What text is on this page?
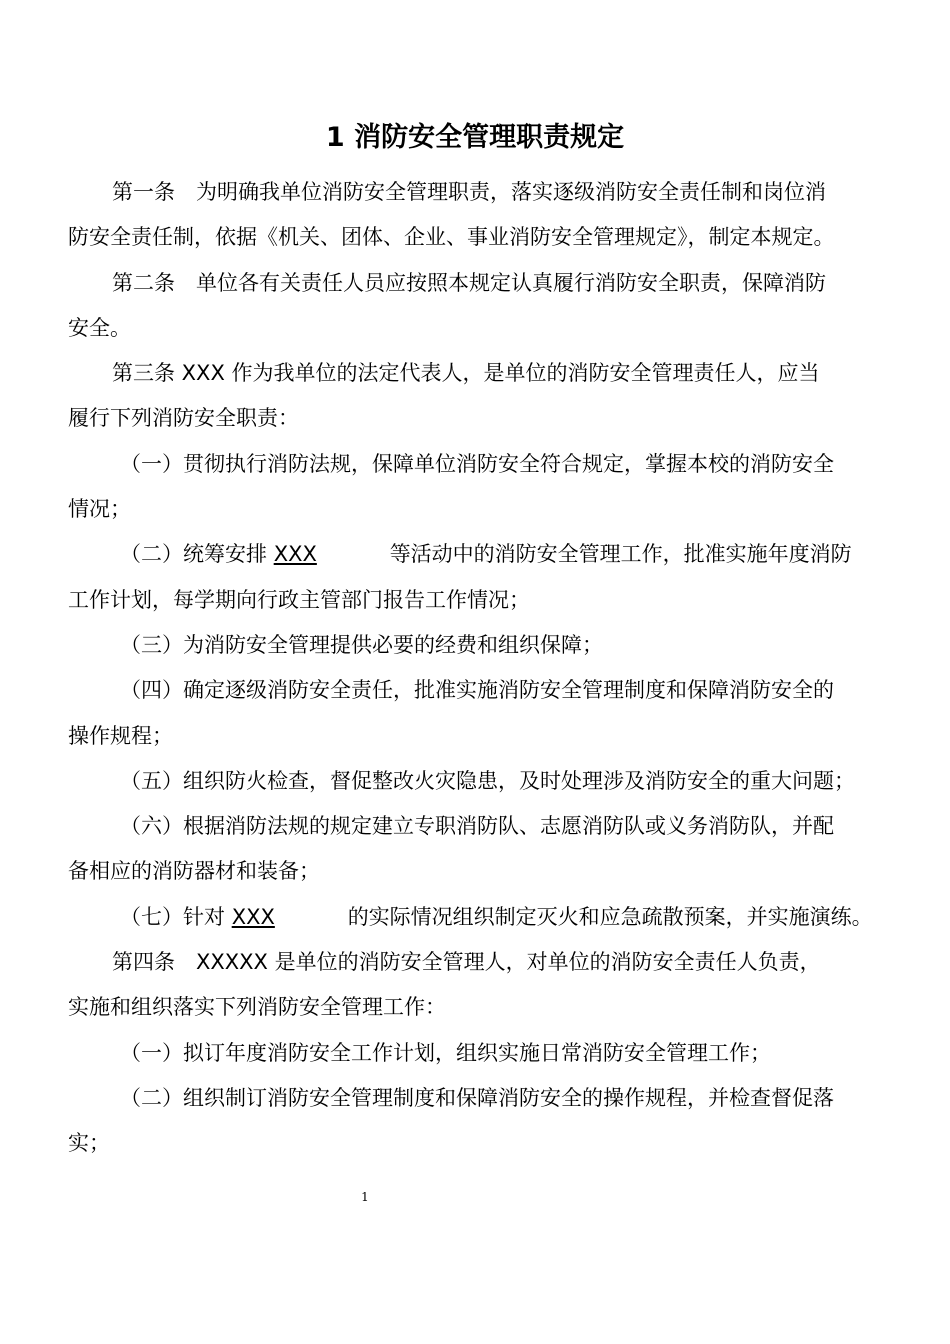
1 消防安全管理职责规定

第一条　为明确我单位消防安全管理职责，落实逐级消防安全责任制和岗位消

防安全责任制，依据《机关、团体、企业、事业消防安全管理规定》，制定本规定。

第二条　单位各有关责任人员应按照本规定认真履行消防安全职责，保障消防

安全。

第三条 XXX 作为我单位的法定代表人，是单位的消防安全管理责任人，应当

履行下列消防安全职责：

（一）贯彻执行消防法规，保障单位消防安全符合规定，掌握本校的消防安全

情况；

（二）统筹安排 XXX	等活动中的消防安全管理工作，批准实施年度消防

工作计划，每学期向行政主管部门报告工作情况；

（三）为消防安全管理提供必要的经费和组织保障；

（四）确定逐级消防安全责任，批准实施消防安全管理制度和保障消防安全的

操作规程；

（五）组织防火检查，督促整改火灾隐患，及时处理涉及消防安全的重大问题；

（六）根据消防法规的规定建立专职消防队、志愿消防队或义务消防队，并配

备相应的消防器材和装备；

（七）针对 XXX	的实际情况组织制定灭火和应急疏散预案，并实施演练。

第四条　XXXXX 是单位的消防安全管理人，对单位的消防安全责任人负责，

实施和组织落实下列消防安全管理工作：

（一）拟订年度消防安全工作计划，组织实施日常消防安全管理工作；

（二）组织制订消防安全管理制度和保障消防安全的操作规程，并检查督促落

实；

1
